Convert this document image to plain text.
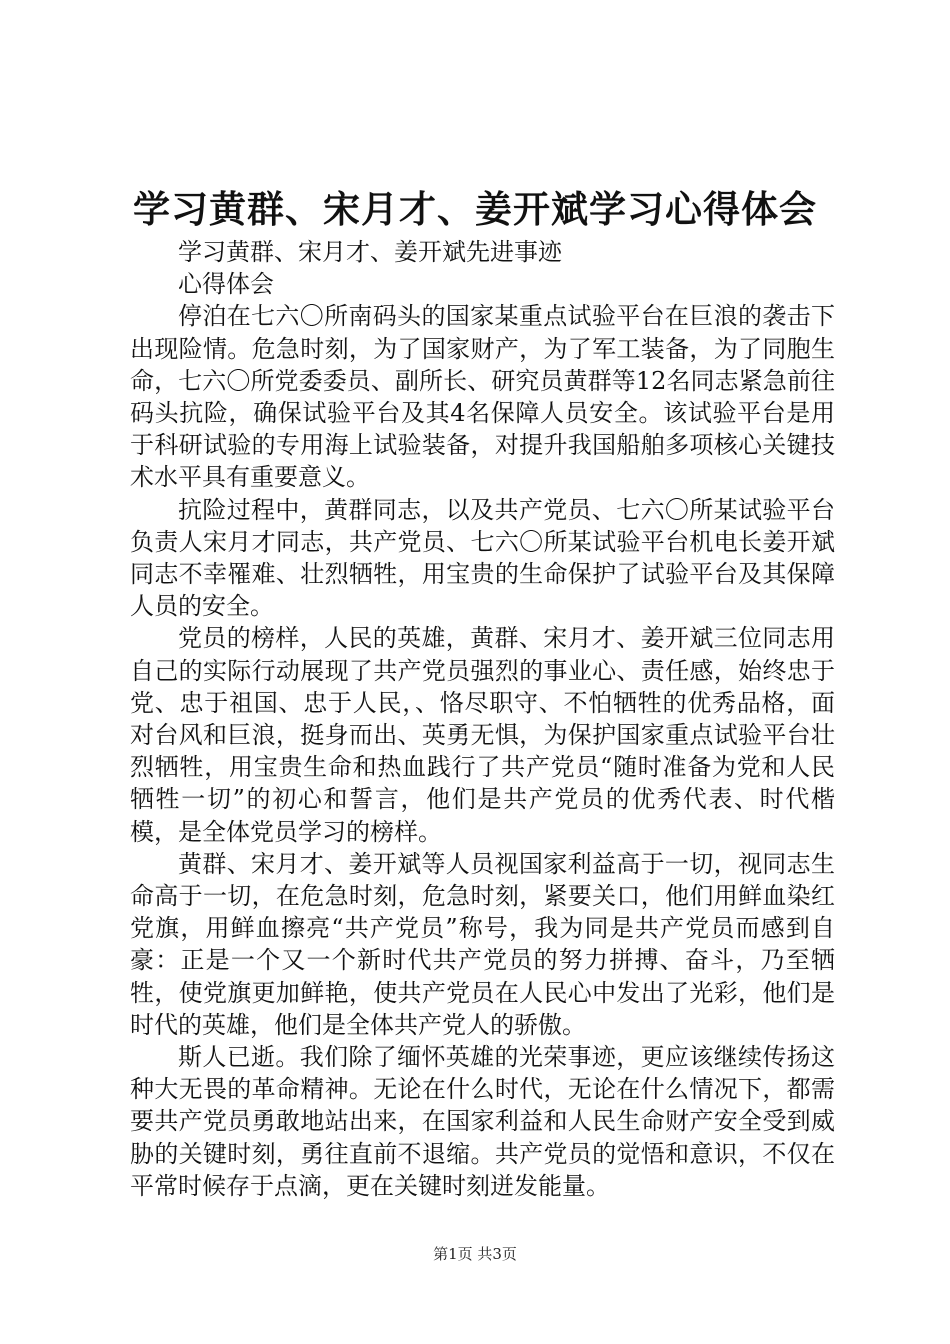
学习黄群、宋月才、姜开斌学习心得体会

学习黄群、宋月才、姜开斌先进事迹

心得体会

停泊在七六〇所南码头的国家某重点试验平台在巨浪的袭击下出现险情。危急时刻，为了国家财产，为了军工装备，为了同胞生命，七六〇所党委委员、副所长、研究员黄群等12名同志紧急前往码头抗险，确保试验平台及其4名保障人员安全。该试验平台是用于科研试验的专用海上试验装备，对提升我国船舶多项核心关键技术水平具有重要意义。

抗险过程中，黄群同志，以及共产党员、七六〇所某试验平台负责人宋月才同志，共产党员、七六〇所某试验平台机电长姜开斌同志不幸罹难、壮烈牺牲，用宝贵的生命保护了试验平台及其保障人员的安全。

党员的榜样，人民的英雄，黄群、宋月才、姜开斌三位同志用自己的实际行动展现了共产党员强烈的事业心、责任感，始终忠于党、忠于祖国、忠于人民，、恪尽职守、不怕牺牲的优秀品格，面对台风和巨浪，挺身而出、英勇无惧，为保护国家重点试验平台壮烈牺牲，用宝贵生命和热血践行了共产党员“随时准备为党和人民牺牲一切”的初心和誓言，他们是共产党员的优秀代表、时代楷模，是全体党员学习的榜样。

黄群、宋月才、姜开斌等人员视国家利益高于一切，视同志生命高于一切，在危急时刻，危急时刻，紧要关口，他们用鲜血染红党旗，用鲜血擦亮“共产党员”称号，我为同是共产党员而感到自豪：正是一个又一个新时代共产党员的努力拼搏、奋斗，乃至牺牲，使党旗更加鲜艳，使共产党员在人民心中发出了光彩，他们是时代的英雄，他们是全体共产党人的骄傲。

斯人已逝。我们除了缅怀英雄的光荣事迹，更应该继续传扬这种大无畏的革命精神。无论在什么时代，无论在什么情况下，都需要共产党员勇敢地站出来，在国家利益和人民生命财产安全受到威胁的关键时刻，勇往直前不退缩。共产党员的觉悟和意识，不仅在平常时候存于点滴，更在关键时刻迸发能量。

第1页 共3页
